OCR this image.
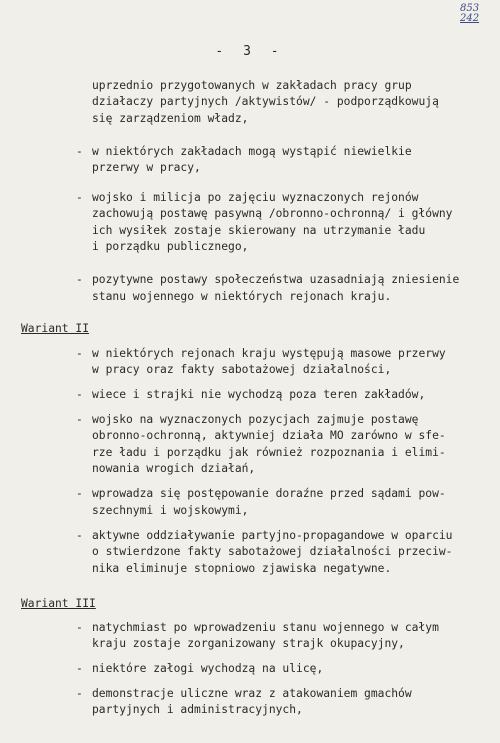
853
242
- 3 -
uprzednio przygotowanych w zakładach pracy grup
działaczy partyjnych /aktywistów/ - podporządkowują
się zarządzeniom władz,
- w niektórych zakładach mogą wystąpić niewielkie
przerwy w pracy,
- wojsko i milicja po zajęciu wyznaczonych rejonów
zachowują postawę pasywną /obronno-ochronną/ i główny
ich wysiłek zostaje skierowany na utrzymanie ładu
i porządku publicznego,
- pozytywne postawy społeczeństwa uzasadniają zniesienie
stanu wojennego w niektórych rejonach kraju.
Wariant II
- w niektórych rejonach kraju występują masowe przerwy
w pracy oraz fakty sabotażowej działalności,
- wiece i strajki nie wychodzą poza teren zakładów,
- wojsko na wyznaczonych pozycjach zajmuje postawę
obronno-ochronną, aktywniej działa MO zarówno w sfe-
rze ładu i porządku jak również rozpoznania i elimi-
nowania wrogich działań,
- wprowadza się postępowanie doraźne przed sądami pow-
szechnymi i wojskowymi,
- aktywne oddziaływanie partyjno-propagandowe w oparciu
o stwierdzone fakty sabotażowej działalności przeciw-
nika eliminuje stopniowo zjawiska negatywne.
Wariant III
- natychmiast po wprowadzeniu stanu wojennego w całym
kraju zostaje zorganizowany strajk okupacyjny,
- niektóre załogi wychodzą na ulicę,
- demonstracje uliczne wraz z atakowaniem gmachów
partyjnych i administracyjnych,
